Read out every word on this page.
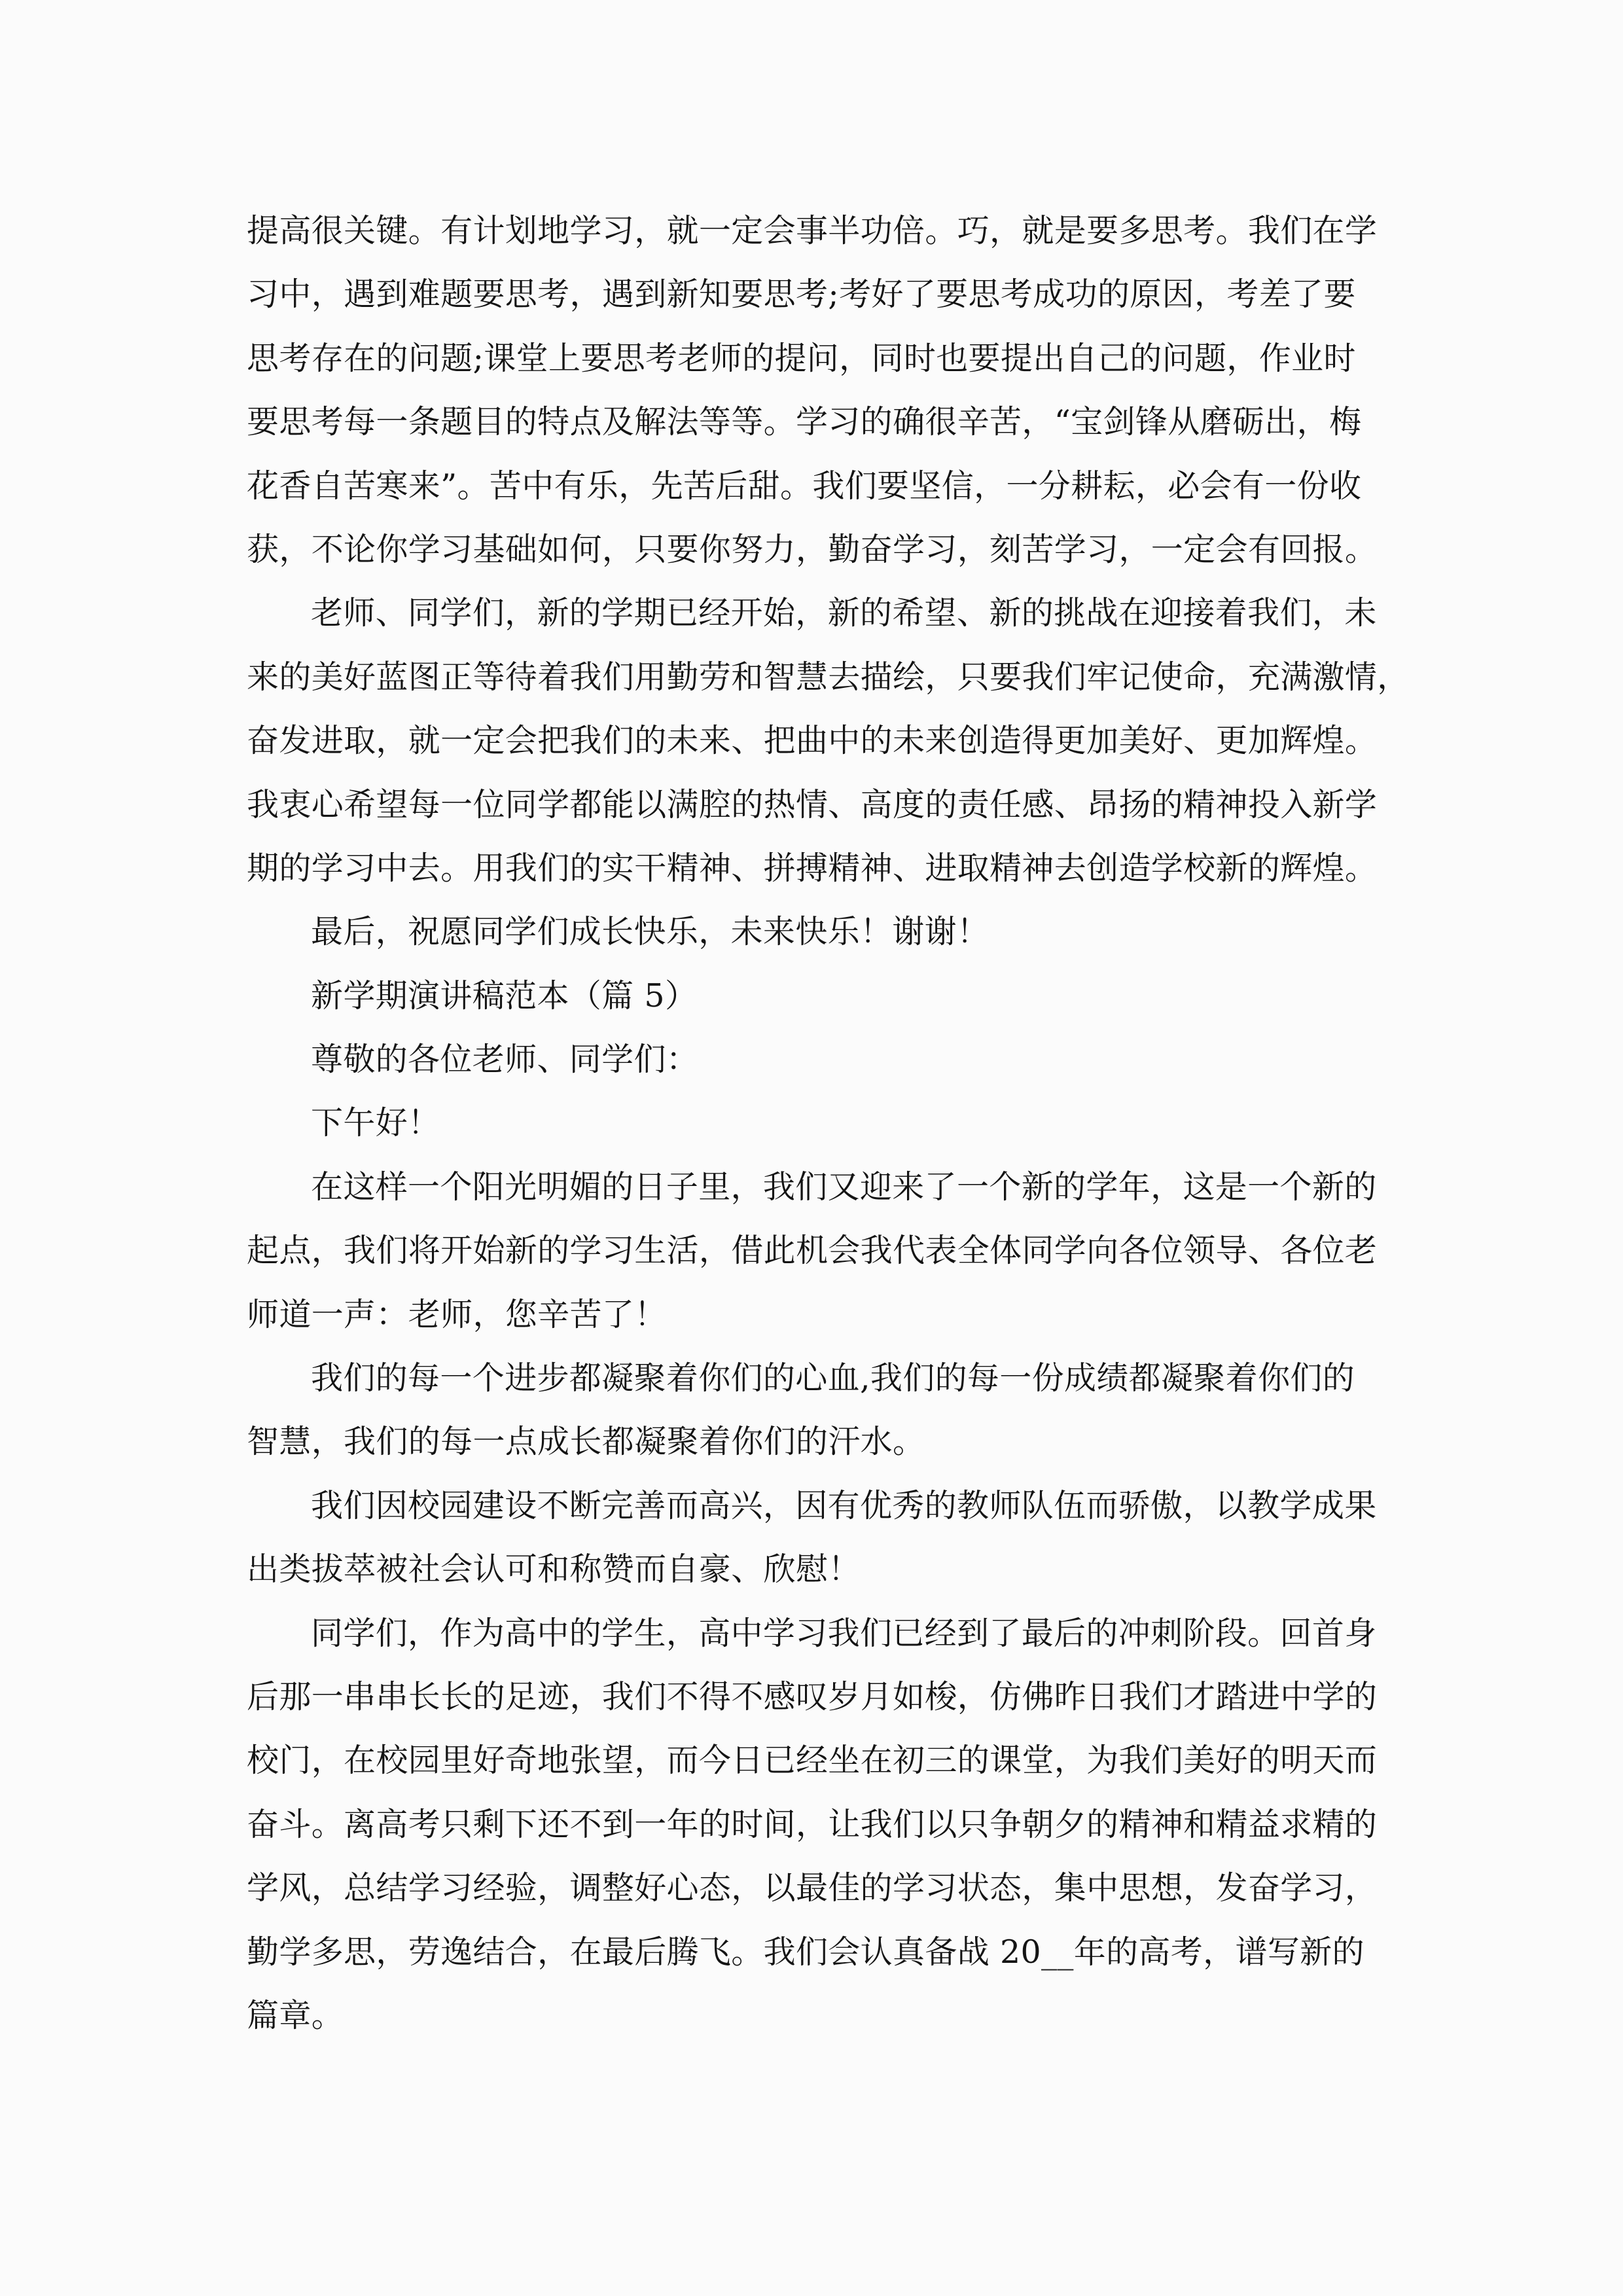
提高很关键。有计划地学习，就一定会事半功倍。巧，就是要多思考。我们在学
习中，遇到难题要思考，遇到新知要思考;考好了要思考成功的原因，考差了要
思考存在的问题;课堂上要思考老师的提问，同时也要提出自己的问题，作业时
要思考每一条题目的特点及解法等等。学习的确很辛苦，“宝剑锋从磨砺出，梅
花香自苦寒来”。苦中有乐，先苦后甜。我们要坚信，一分耕耘，必会有一份收
获，不论你学习基础如何，只要你努力，勤奋学习，刻苦学习，一定会有回报。
老师、同学们，新的学期已经开始，新的希望、新的挑战在迎接着我们，未
来的美好蓝图正等待着我们用勤劳和智慧去描绘，只要我们牢记使命，充满激情，
奋发进取，就一定会把我们的未来、把曲中的未来创造得更加美好、更加辉煌。
我衷心希望每一位同学都能以满腔的热情、高度的责任感、昂扬的精神投入新学
期的学习中去。用我们的实干精神、拼搏精神、进取精神去创造学校新的辉煌。
最后，祝愿同学们成长快乐，未来快乐！谢谢！
新学期演讲稿范本（篇 5）
尊敬的各位老师、同学们：
下午好！
在这样一个阳光明媚的日子里，我们又迎来了一个新的学年，这是一个新的
起点，我们将开始新的学习生活，借此机会我代表全体同学向各位领导、各位老
师道一声：老师，您辛苦了！
我们的每一个进步都凝聚着你们的心血,我们的每一份成绩都凝聚着你们的
智慧，我们的每一点成长都凝聚着你们的汗水。
我们因校园建设不断完善而高兴，因有优秀的教师队伍而骄傲，以教学成果
出类拔萃被社会认可和称赞而自豪、欣慰！
同学们，作为高中的学生，高中学习我们已经到了最后的冲刺阶段。回首身
后那一串串长长的足迹，我们不得不感叹岁月如梭，仿佛昨日我们才踏进中学的
校门，在校园里好奇地张望，而今日已经坐在初三的课堂，为我们美好的明天而
奋斗。离高考只剩下还不到一年的时间，让我们以只争朝夕的精神和精益求精的
学风，总结学习经验，调整好心态，以最佳的学习状态，集中思想，发奋学习，
勤学多思，劳逸结合，在最后腾飞。我们会认真备战 20__年的高考，谱写新的
篇章。
